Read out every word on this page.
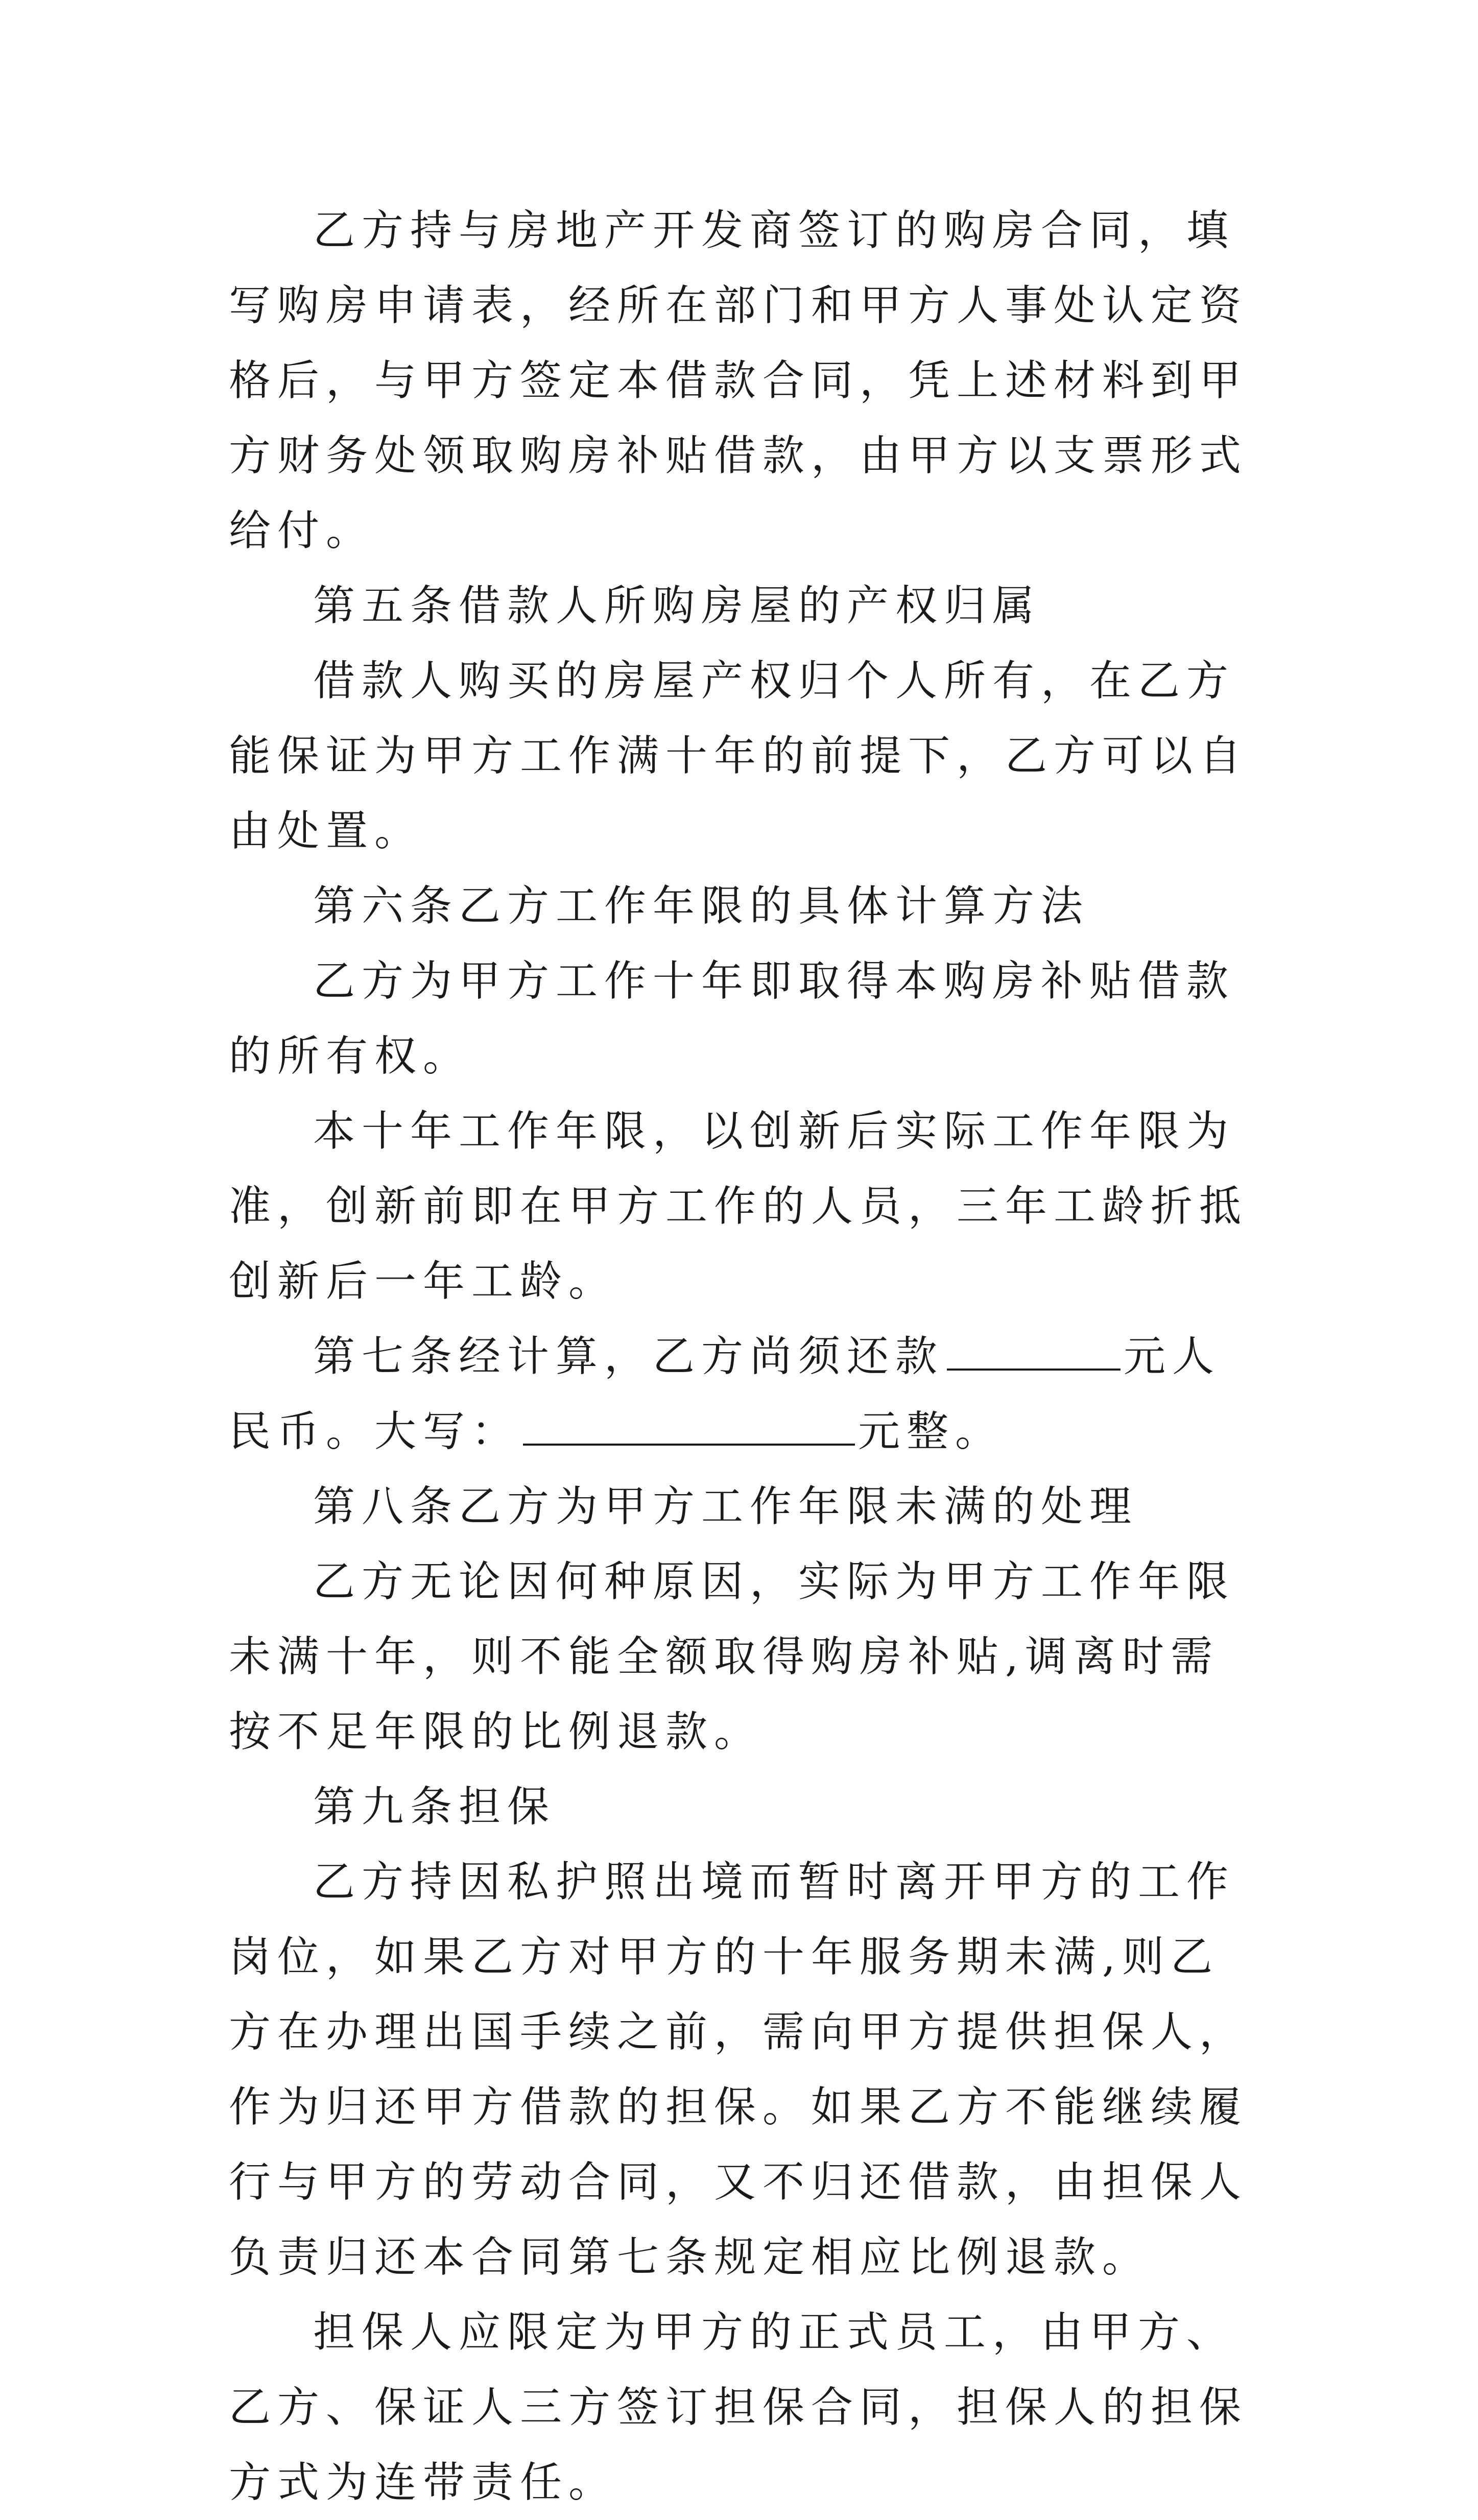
乙方持与房地产开发商签订的购房合同，填写购房申请表，经所在部门和甲方人事处认定资格后，与甲方签定本借款合同，凭上述材料到甲方财务处领取购房补贴借款，由甲方以支票形式给付。

第五条借款人所购房屋的产权归属

借款人购买的房屋产权归个人所有，在乙方能保证为甲方工作满十年的前提下，乙方可以自由处置。

第六条乙方工作年限的具体计算方法

乙方为甲方工作十年即取得本购房补贴借款的所有权。

本十年工作年限，以创新后实际工作年限为准，创新前即在甲方工作的人员，三年工龄折抵创新后一年工龄。

第七条经计算，乙方尚须还款	元人民币。大写：	元整。

第八条乙方为甲方工作年限未满的处理

乙方无论因何种原因，实际为甲方工作年限未满十年，则不能全额取得购房补贴,调离时需按不足年限的比例退款。

第九条担保

乙方持因私护照出境而暂时离开甲方的工作岗位，如果乙方对甲方的十年服务期未满,则乙方在办理出国手续之前，需向甲方提供担保人，作为归还甲方借款的担保。如果乙方不能继续履行与甲方的劳动合同，又不归还借款，由担保人负责归还本合同第七条规定相应比例退款。

担保人应限定为甲方的正式员工，由甲方、乙方、保证人三方签订担保合同，担保人的担保方式为连带责任。
